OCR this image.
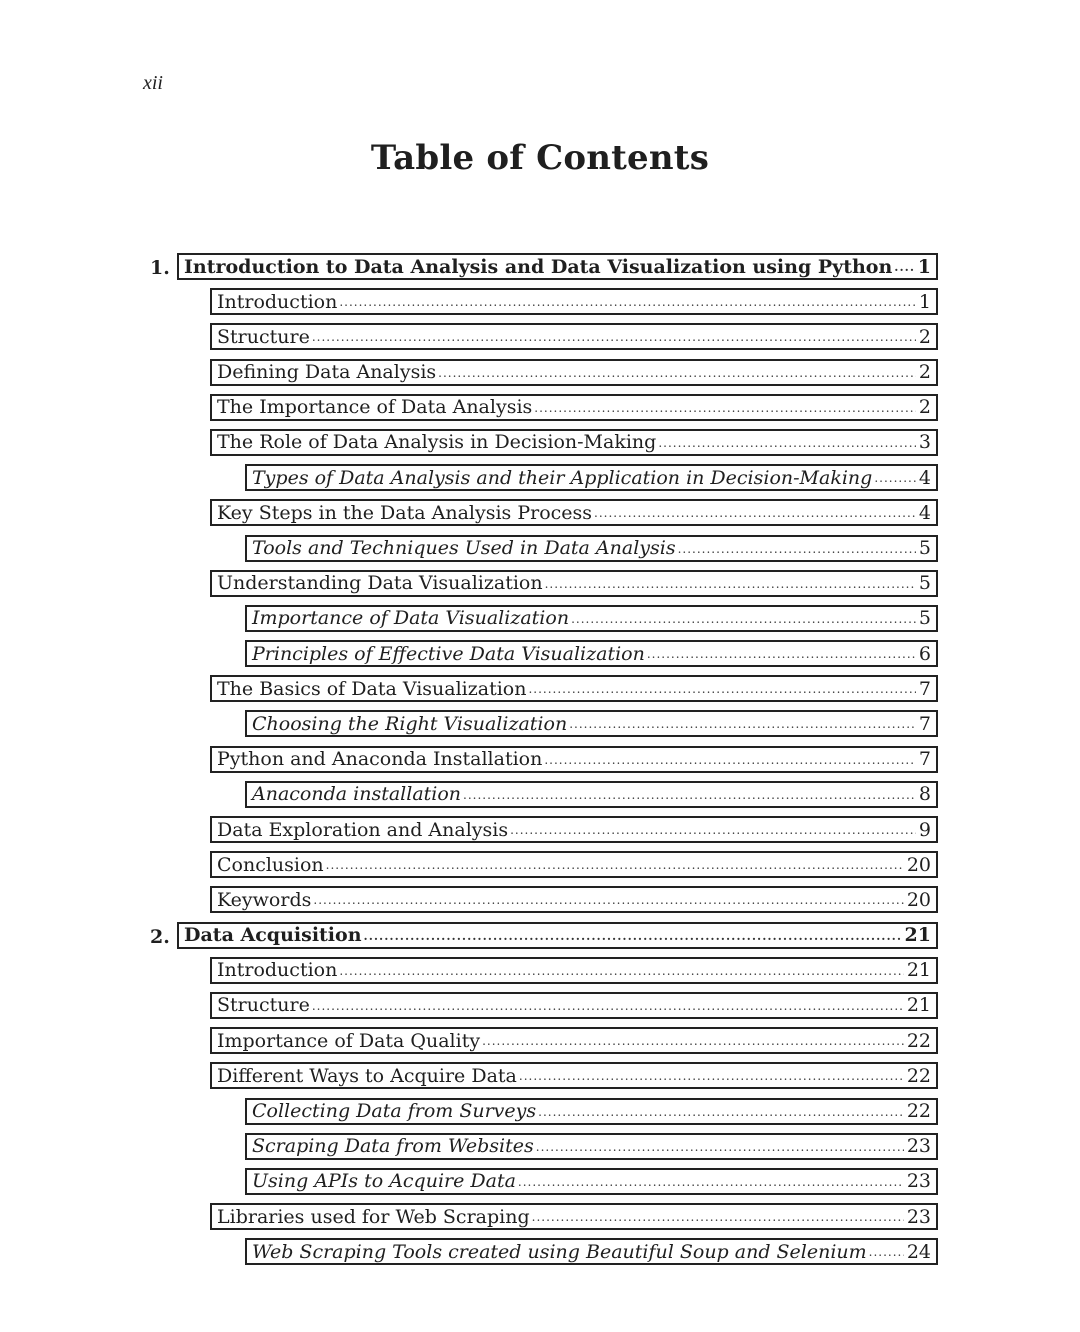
xii
Table of Contents
1. Introduction to Data Analysis and Data Visualization using Python ..... 1
Introduction .....	1
Structure .....	2
Defining Data Analysis .....	2
The Importance of Data Analysis .....	2
The Role of Data Analysis in Decision-Making .....	3
Types of Data Analysis and their Application in Decision-Making ..... 4
Key Steps in the Data Analysis Process .....	4
Tools and Techniques Used in Data Analysis .....	5
Understanding Data Visualization .....	5
Importance of Data Visualization .....	5
Principles of Effective Data Visualization .....	6
The Basics of Data Visualization .....	7
Choosing the Right Visualization .....	7
Python and Anaconda Installation .....	7
Anaconda installation .....	8
Data Exploration and Analysis .....	9
Conclusion .....	20
Keywords .....	20
2. Data Acquisition .....	21
Introduction .....	21
Structure .....	21
Importance of Data Quality .....	22
Different Ways to Acquire Data .....	22
Collecting Data from Surveys .....	22
Scraping Data from Websites .....	23
Using APIs to Acquire Data .....	23
Libraries used for Web Scraping .....	23
Web Scraping Tools created using Beautiful Soup and Selenium ..... 24
